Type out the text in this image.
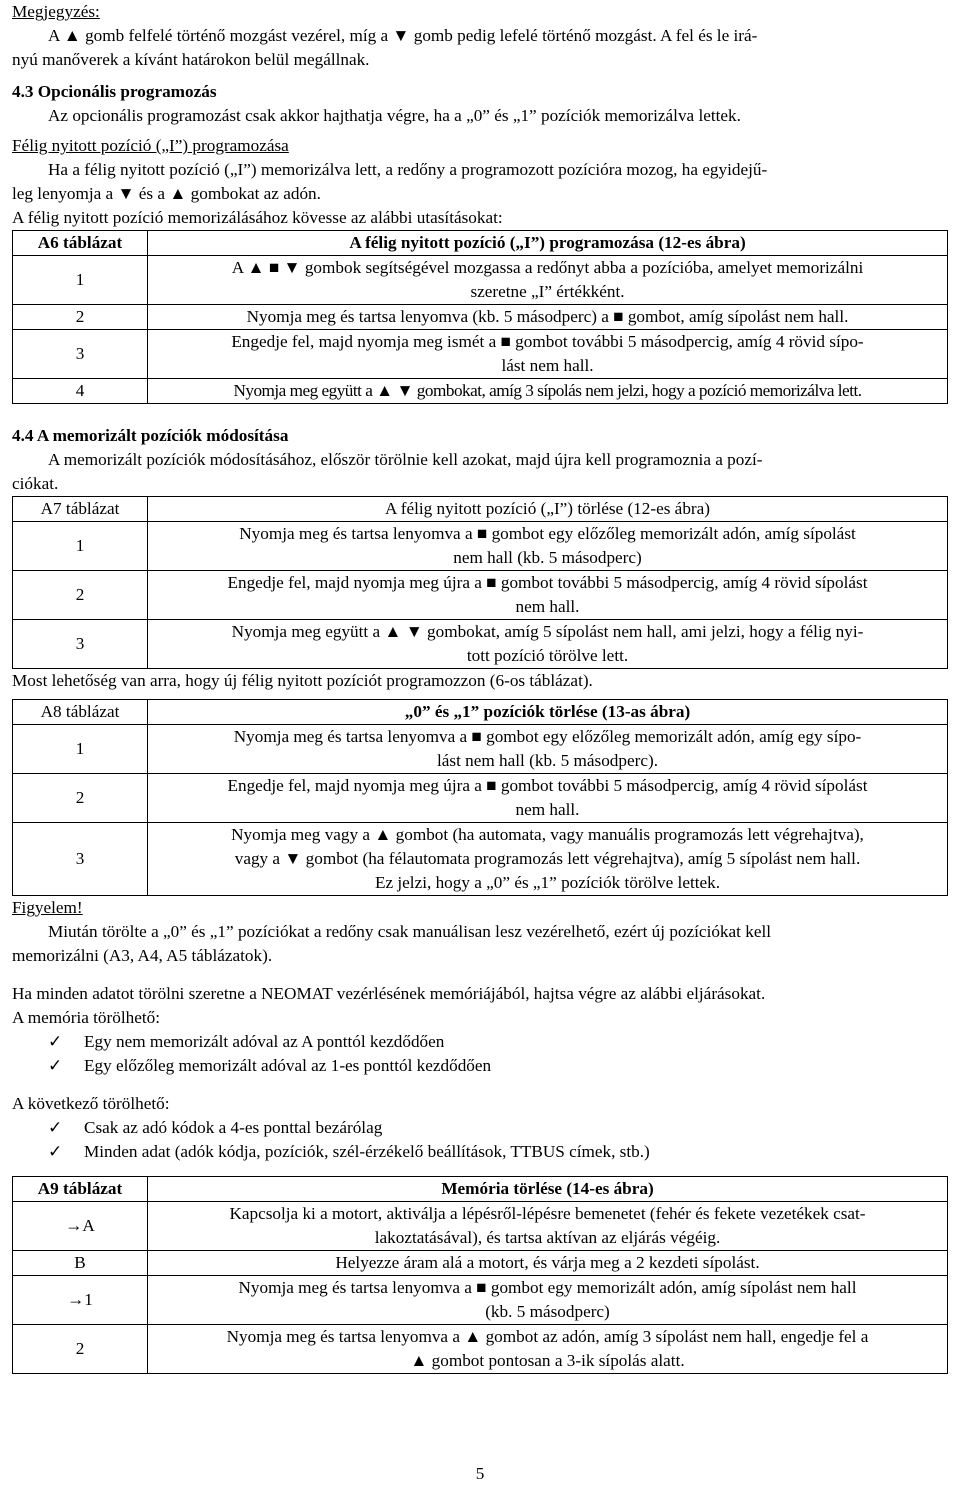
Megjegyzés:
A ▲ gomb felfelé történő mozgást vezérel, míg a ▼ gomb pedig lefelé történő mozgást. A fel és le irá-
nyú manőverek a kívánt határokon belül megállnak.
4.3 Opcionális programozás
Az opcionális programozást csak akkor hajthatja végre, ha a „0” és „1” pozíciók memorizálva lettek.
Félig nyitott pozíció („I”) programozása
Ha a félig nyitott pozíció („I”) memorizálva lett, a redőny a programozott pozícióra mozog, ha egyidejű-
leg lenyomja a ▼ és a ▲ gombokat az adón.
A félig nyitott pozíció memorizálásához kövesse az alábbi utasításokat:
A6 táblázat	A félig nyitott pozíció („I”) programozása (12-es ábra)
1	A ▲ ■ ▼ gombok segítségével mozgassa a redőnyt abba a pozícióba, amelyet memorizálni
szeretne „I” értékként.

2	Nyomja meg és tartsa lenyomva (kb. 5 másodperc) a ■ gombot, amíg sípolást nem hall.

3	Engedje fel, majd nyomja meg ismét a ■ gombot további 5 másodpercig, amíg 4 rövid sípo-
lást nem hall.

4	Nyomja meg együtt a ▲ ▼ gombokat, amíg 3 sípolás nem jelzi, hogy a pozíció memorizálva lett.
4.4 A memorizált pozíciók módosítása
A memorizált pozíciók módosításához, először törölnie kell azokat, majd újra kell programoznia a pozí-
ciókat.
A7 táblázat	A félig nyitott pozíció („I”) törlése (12-es ábra)
1	Nyomja meg és tartsa lenyomva a ■ gombot egy előzőleg memorizált adón, amíg sípolást
nem hall (kb. 5 másodperc)

2	Engedje fel, majd nyomja meg újra a ■ gombot további 5 másodpercig, amíg 4 rövid sípolást
nem hall.

3	Nyomja meg együtt a ▲ ▼ gombokat, amíg 5 sípolást nem hall, ami jelzi, hogy a félig nyi-
tott pozíció törölve lett.
Most lehetőség van arra, hogy új félig nyitott pozíciót programozzon (6-os táblázat).
A8 táblázat	„0” és „1” pozíciók törlése (13-as ábra)
1	Nyomja meg és tartsa lenyomva a ■ gombot egy előzőleg memorizált adón, amíg egy sípo-
lást nem hall (kb. 5 másodperc).

2	Engedje fel, majd nyomja meg újra a ■ gombot további 5 másodpercig, amíg 4 rövid sípolást
nem hall.

3	Nyomja meg vagy a ▲ gombot (ha automata, vagy manuális programozás lett végrehajtva),
vagy a ▼ gombot (ha félautomata programozás lett végrehajtva), amíg 5 sípolást nem hall.
Ez jelzi, hogy a „0” és „1” pozíciók törölve lettek.
Figyelem!
Miután törölte a „0” és „1” pozíciókat a redőny csak manuálisan lesz vezérelhető, ezért új pozíciókat kell
memorizálni (A3, A4, A5 táblázatok).
Ha minden adatot törölni szeretne a NEOMAT vezérlésének memóriájából, hajtsa végre az alábbi eljárásokat.
A memória törölhető:
✓ Egy nem memorizált adóval az A ponttól kezdődően
✓ Egy előzőleg memorizált adóval az 1-es ponttól kezdődően
A következő törölhető:
✓ Csak az adó kódok a 4-es ponttal bezárólag
✓ Minden adat (adók kódja, pozíciók, szél-érzékelő beállítások, TTBUS címek, stb.)
A9 táblázat	Memória törlése (14-es ábra)
→A	Kapcsolja ki a motort, aktiválja a lépésről-lépésre bemenetet (fehér és fekete vezetékek csat-
lakoztatásával), és tartsa aktívan az eljárás végéig.

B	Helyezze áram alá a motort, és várja meg a 2 kezdeti sípolást.

→1	Nyomja meg és tartsa lenyomva a ■ gombot egy memorizált adón, amíg sípolást nem hall
(kb. 5 másodperc)

2	Nyomja meg és tartsa lenyomva a ▲ gombot az adón, amíg 3 sípolást nem hall, engedje fel a
▲ gombot pontosan a 3-ik sípolás alatt.
5
